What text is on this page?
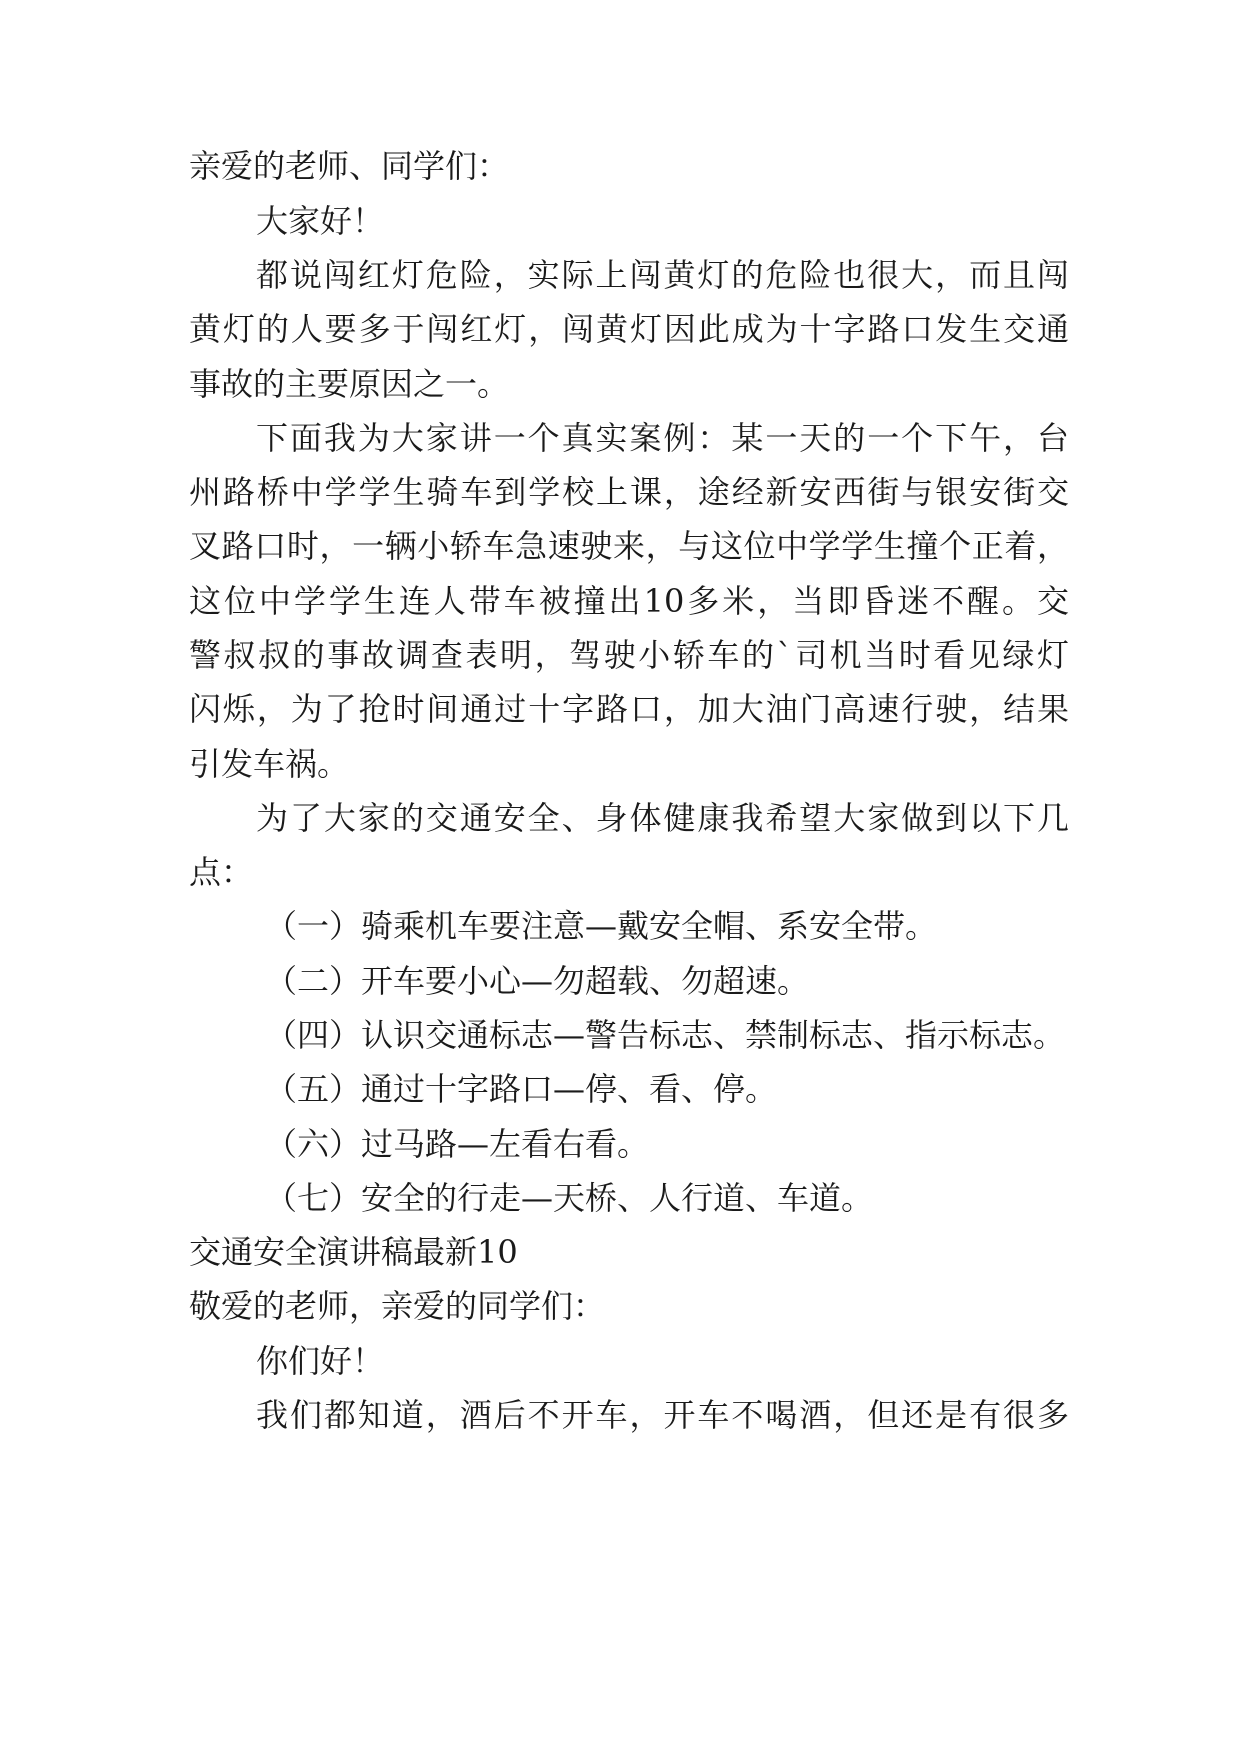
亲爱的老师、同学们：

大家好！

都说闯红灯危险，实际上闯黄灯的危险也很大，而且闯

黄灯的人要多于闯红灯，闯黄灯因此成为十字路口发生交通

事故的主要原因之一。

下面我为大家讲一个真实案例：某一天的一个下午，台

州路桥中学学生骑车到学校上课，途经新安西街与银安街交

叉路口时，一辆小轿车急速驶来，与这位中学学生撞个正着，

这位中学学生连人带车被撞出10多米，当即昏迷不醒。交

警叔叔的事故调查表明，驾驶小轿车的`司机当时看见绿灯

闪烁，为了抢时间通过十字路口，加大油门高速行驶，结果

引发车祸。

为了大家的交通安全、身体健康我希望大家做到以下几

点：

（一）骑乘机车要注意—戴安全帽、系安全带。

（二）开车要小心—勿超载、勿超速。

（四）认识交通标志—警告标志、禁制标志、指示标志。

（五）通过十字路口—停、看、停。

（六）过马路—左看右看。

（七）安全的行走—天桥、人行道、车道。

交通安全演讲稿最新10

敬爱的老师，亲爱的同学们：

你们好！

我们都知道，酒后不开车，开车不喝酒，但还是有很多
